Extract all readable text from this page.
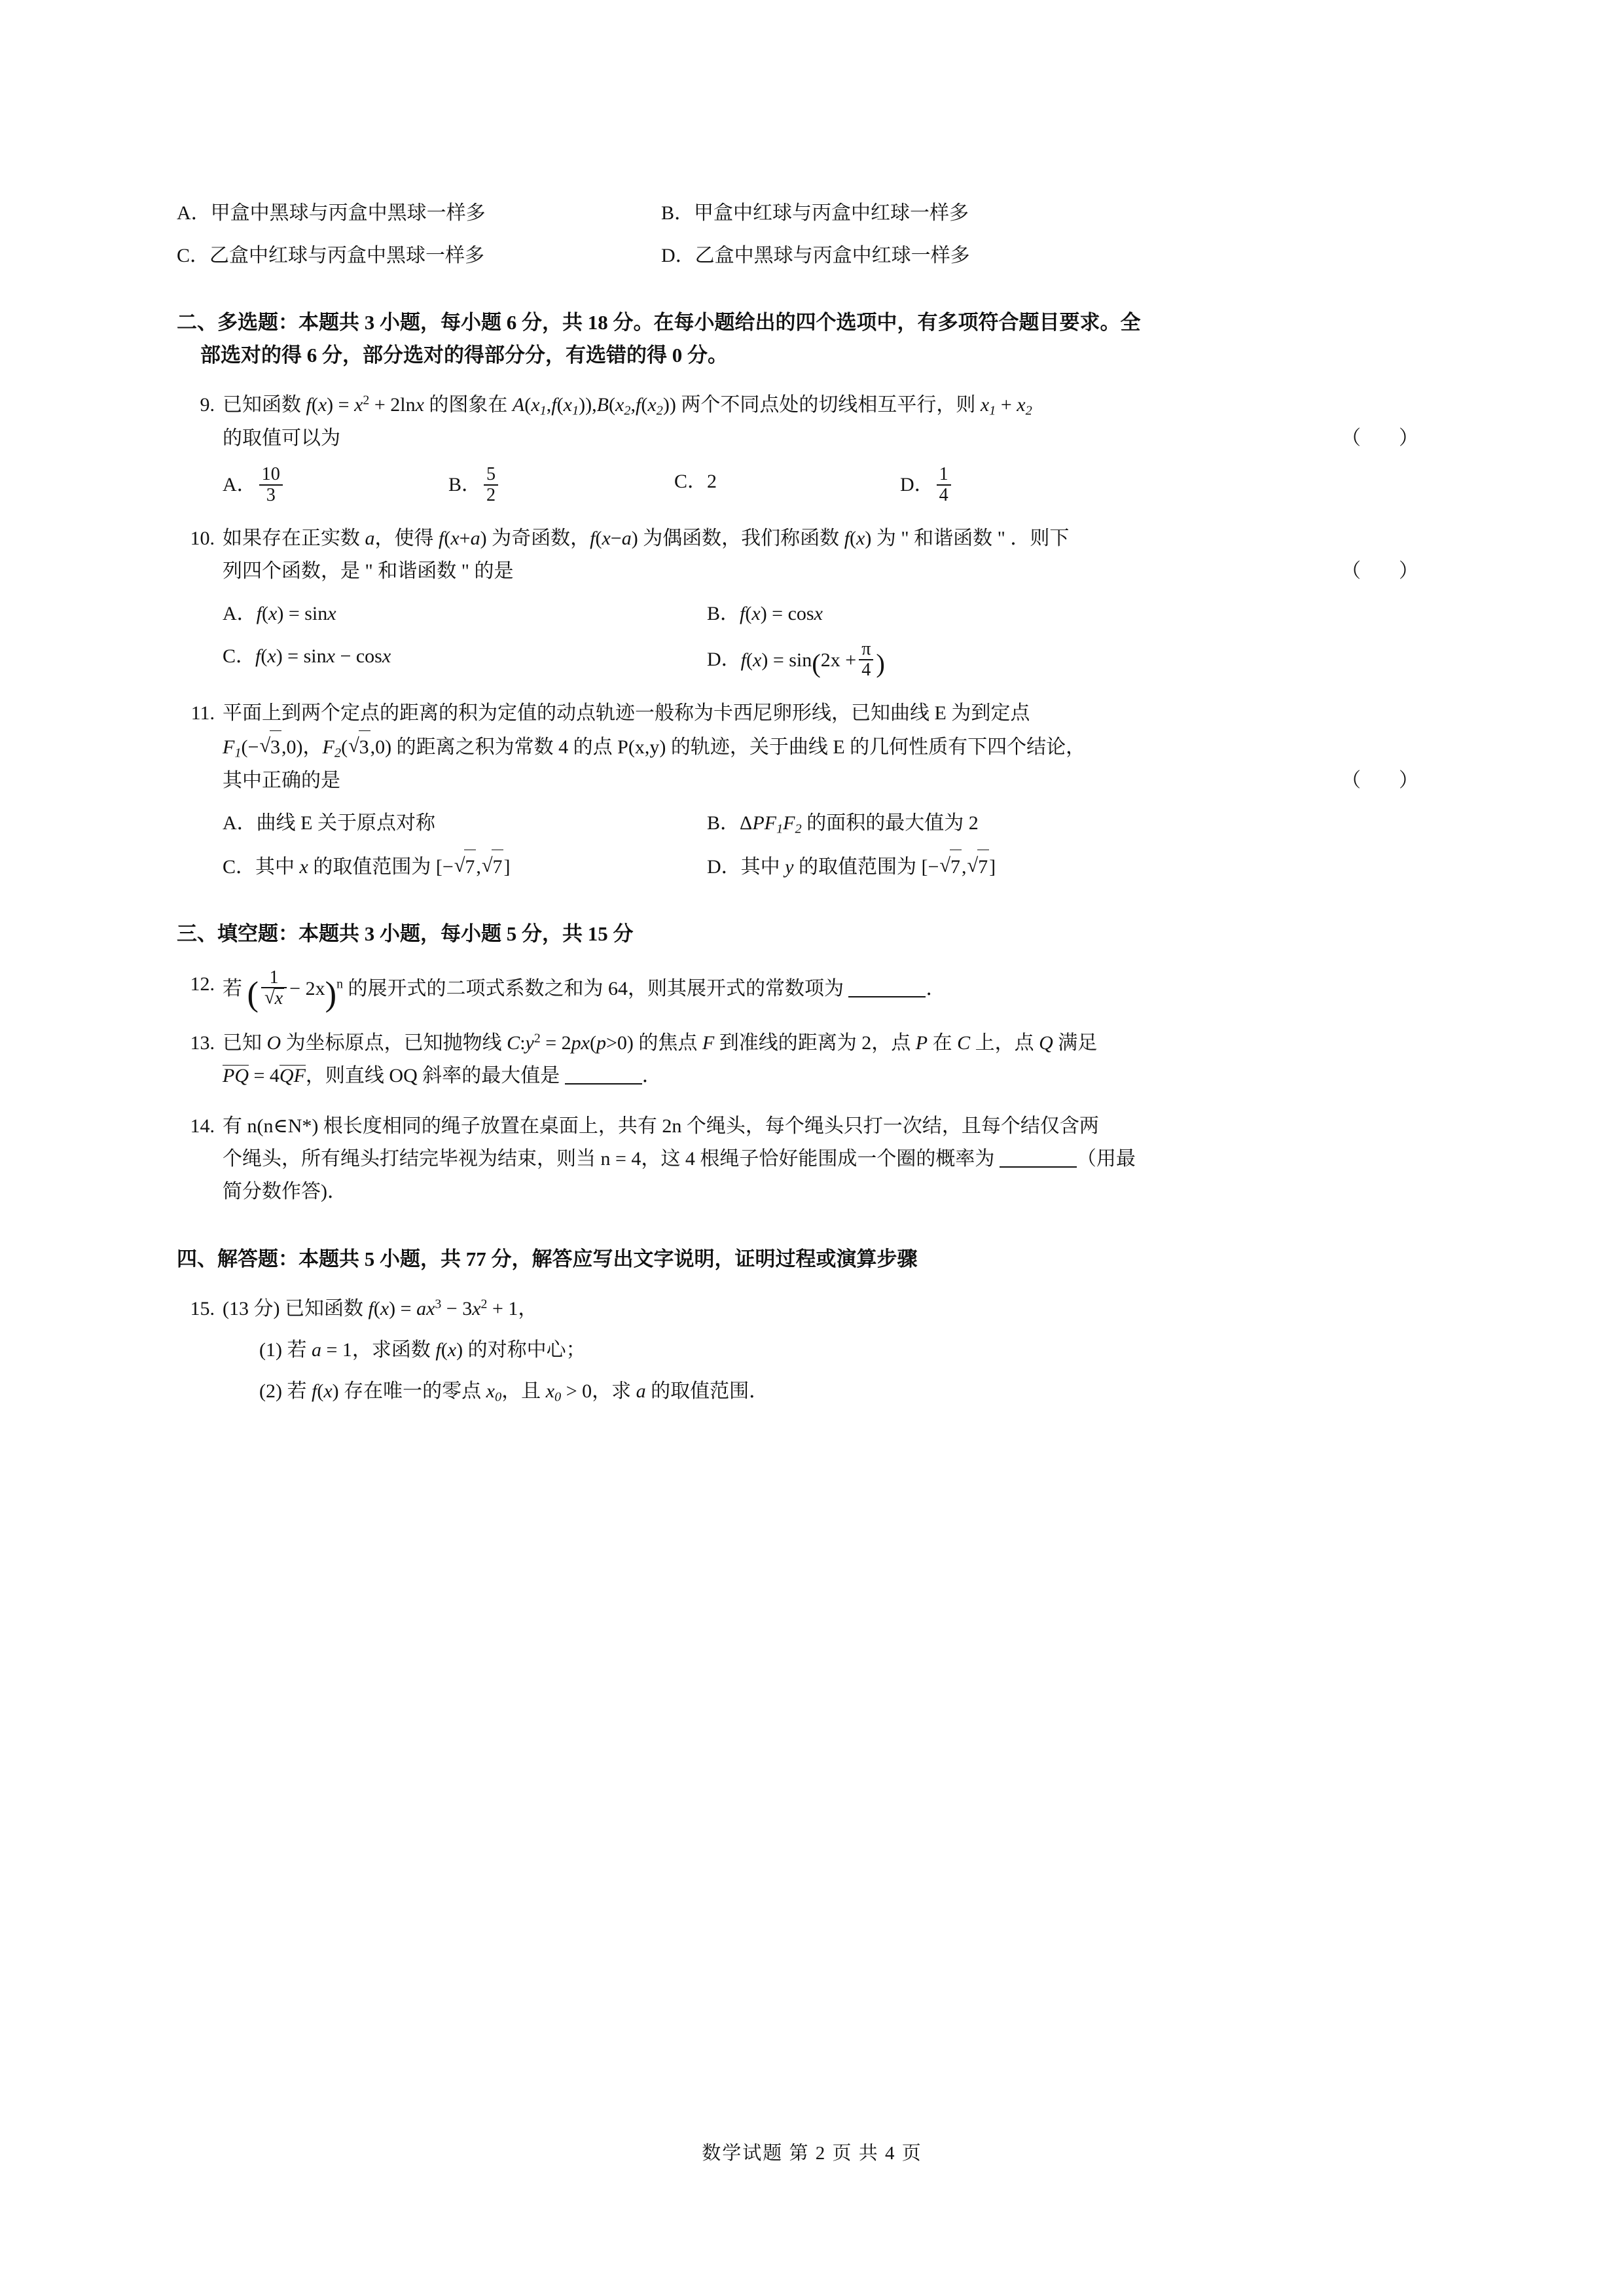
A．甲盒中黑球与丙盒中黑球一样多	B．甲盒中红球与丙盒中红球一样多
C．乙盒中红球与丙盒中黑球一样多	D．乙盒中黑球与丙盒中红球一样多
二、多选题：本题共 3 小题，每小题 6 分，共 18 分。在每小题给出的四个选项中，有多项符合题目要求。全
部选对的得 6 分，部分选对的得部分分，有选错的得 0 分。
9. 已知函数 $f(x) = x^2 + 2\ln x$ 的图象在 $A(x_1,f(x_1)),B(x_2,f(x_2))$ 两个不同点处的切线相互平行，则 $x_1 + x_2$
（　）
的取值可以为
A． $\frac{10}{3}$	B． $\frac{5}{2}$	C．2	D． $\frac{1}{4}$
10. 如果存在正实数 a，使得 f(x+a) 为奇函数，f(x−a) 为偶函数，我们称函数 f(x) 为 " 和谐函数 " ．则下
（　）
列四个函数，是 " 和谐函数 " 的是
A．f(x) = sinx	B．f(x) = cosx
C．f(x) = sinx − cosx	D．$f(x) = \sin(2x + \frac{\pi}{4}$ )
11. 平面上到两个定点的距离的积为定值的动点轨迹一般称为卡西尼卵形线，已知曲线 E 为到定点
$F_1(-$ √ 3,0)，$F_2$( √ 3,0) 的距离之积为常数 4 的点 P(x,y) 的轨迹，关于曲线 E 的几何性质有下四个结论，
（　）
其中正确的是
A．曲线 E 关于原点对称	B．$\Delta PF_1F_2$ 的面积的最大值为 2
C．其中 x 的取值范围为 [− √ 7, √ 7]	D．其中 y 的取值范围为 [− √ 7, √ 7]
三、填空题：本题共 3 小题，每小题 5 分，共 15 分
12. 若 ( 1
√ x − 2x)$^n$ 的展开式的二项式系数之和为 64，则其展开式的常数项为	．
13. 已知 O 为坐标原点，已知抛物线 $C:y^2 = 2px(p>0)$ 的焦点 F 到准线的距离为 2，点 P 在 C 上，点 Q 满足
PQ = 4QF，则直线 OQ 斜率的最大值是	．
14. 有 n(n∈N*) 根长度相同的绳子放置在桌面上，共有 2n 个绳头，每个绳头只打一次结，且每个结仅含两
个绳头，所有绳头打结完毕视为结束，则当 n = 4，这 4 根绳子恰好能围成一个圈的概率为	（用最
简分数作答)．
四、解答题：本题共 5 小题，共 77 分，解答应写出文字说明，证明过程或演算步骤
15. (13 分) 已知函数 $f(x) = ax^3 - 3x^2 + 1$，
(1) 若 a = 1，求函数 f(x) 的对称中心；
(2) 若 f(x) 存在唯一的零点 $x_0$，且 $x_0 > 0$，求 a 的取值范围．
数学试题 第 2 页 共 4 页
